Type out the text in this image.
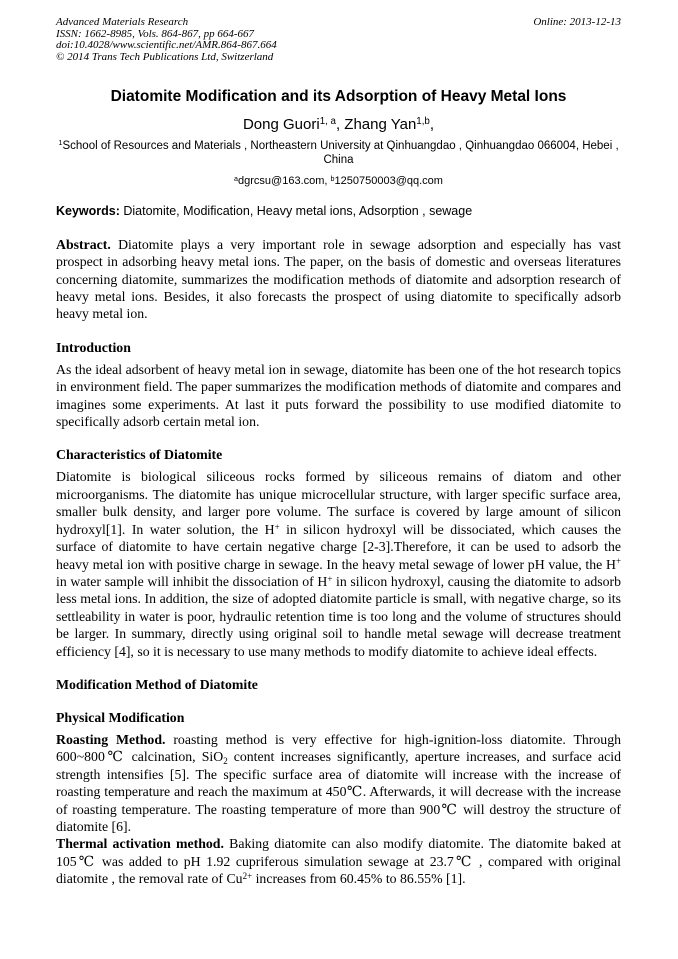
Advanced Materials Research
ISSN: 1662-8985, Vols. 864-867, pp 664-667
doi:10.4028/www.scientific.net/AMR.864-867.664
© 2014 Trans Tech Publications Ltd, Switzerland
Online: 2013-12-13
Diatomite Modification and its Adsorption of Heavy Metal Ions
Dong Guori$^{1, a}$, Zhang Yan$^{1,b}$,
$^1$School of Resources and Materials , Northeastern University at Qinhuangdao , Qinhuangdao 066004, Hebei , China
$^a$dgrcsu@163.com, $^b$1250750003@qq.com
Keywords: Diatomite, Modification, Heavy metal ions, Adsorption , sewage

Abstract. Diatomite plays a very important role in sewage adsorption and especially has vast prospect in adsorbing heavy metal ions. The paper, on the basis of domestic and overseas literatures concerning diatomite, summarizes the modification methods of diatomite and adsorption research of heavy metal ions. Besides, it also forecasts the prospect of using diatomite to specifically adsorb heavy metal ion.

Introduction

As the ideal adsorbent of heavy metal ion in sewage, diatomite has been one of the hot research topics in environment field. The paper summarizes the modification methods of diatomite and compares and imagines some experiments. At last it puts forward the possibility to use modified diatomite to specifically adsorb certain metal ion.

Characteristics of Diatomite

Diatomite is biological siliceous rocks formed by siliceous remains of diatom and other microorganisms. The diatomite has unique microcellular structure, with larger specific surface area, smaller bulk density, and larger pore volume. The surface is covered by large amount of silicon hydroxyl[1]. In water solution, the H+ in silicon hydroxyl will be dissociated, which causes the surface of diatomite to have certain negative charge [2-3].Therefore, it can be used to adsorb the heavy metal ion with positive charge in sewage. In the heavy metal sewage of lower pH value, the H+ in water sample will inhibit the dissociation of H+ in silicon hydroxyl, causing the diatomite to adsorb less metal ions. In addition, the size of adopted diatomite particle is small, with negative charge, so its settleability in water is poor, hydraulic retention time is too long and the volume of structures should be larger. In summary, directly using original soil to handle metal sewage will decrease treatment efficiency [4], so it is necessary to use many methods to modify diatomite to achieve ideal effects.

Modification Method of Diatomite
Physical Modification

Roasting Method. roasting method is very effective for high-ignition-loss diatomite. Through 600~800℃ calcination, SiO$_2$ content increases significantly, aperture increases, and surface acid strength intensifies [5]. The specific surface area of diatomite will increase with the increase of roasting temperature and reach the maximum at 450℃. Afterwards, it will decrease with the increase of roasting temperature. The roasting temperature of more than 900℃ will destroy the structure of diatomite [6].

Thermal activation method. Baking diatomite can also modify diatomite. The diatomite baked at 105℃ was added to pH 1.92 cupriferous simulation sewage at 23.7℃ , compared with original diatomite , the removal rate of $Cu^{2+}$ increases from 60.45% to 86.55% [1].
